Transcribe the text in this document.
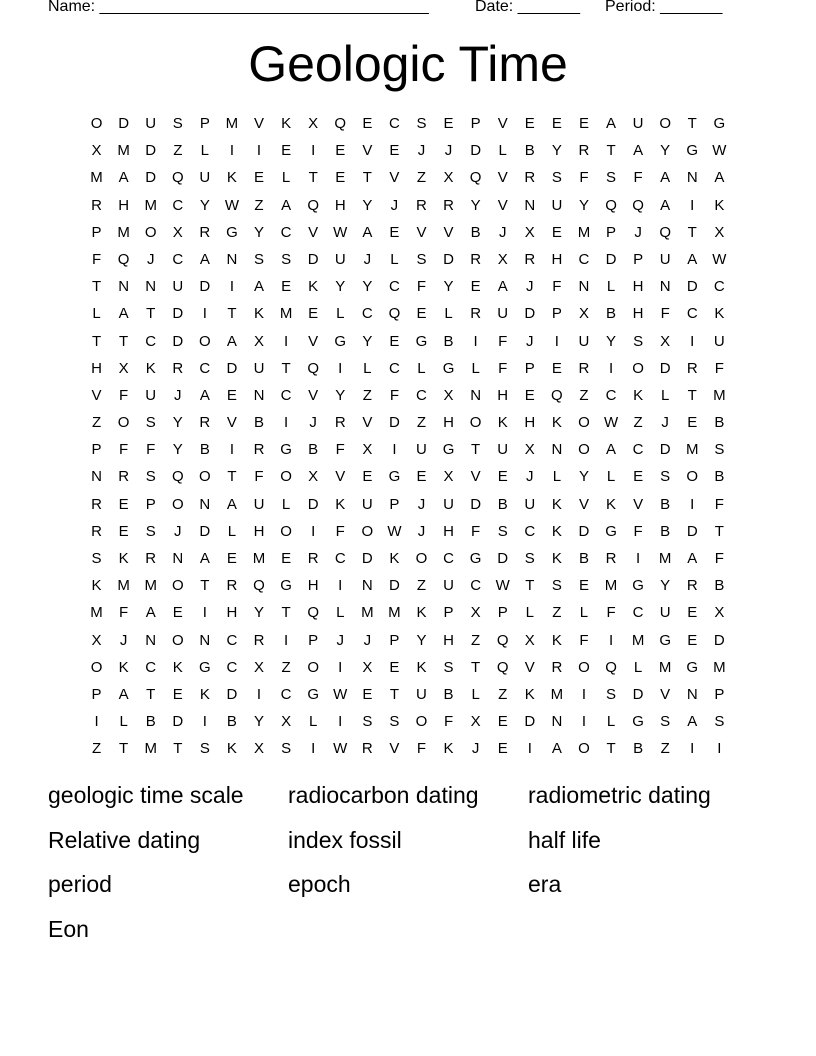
Name: _____________________________________

	Date: _______

Period: _______

Geologic Time
O	D	U	S	P	M	V	K	X	Q	E	C	S	E	P	V	E	E	E	A	U	O	T	G
X	M	D	Z	L	I	I	E	I	E	V	E	J	J	D	L	B	Y	R	T	A	Y	G W
M	A	D	Q	U	K	E	L	T	E	T	V	Z	X	Q	V	R	S	F	S	F	A	N	A
R	H	M	C	Y W	Z	A	Q	H	Y	J	R	R	Y	V	N	U	Y	Q	Q	A	I	K
P	M	O	X	R	G	Y	C	V W A	E	V	V	B	J	X	E	M	P	J	Q	T	X
F	Q	J	C	A	N	S	S	D	U	J	L	S	D	R	X	R	H	C	D	P	U	A W
T	N	N	U	D	I	A	E	K	Y	Y	C	F	Y	E	A	J	F	N	L	H	N	D	C
L	A	T	D	I	T	K	M	E	L	C	Q	E	L	R	U	D	P	X	B	H	F	C	K
T	T	C	D	O	A	X	I	V	G	Y	E	G	B	I	F	J	I	U	Y	S	X	I	U
H	X	K	R	C	D	U	T	Q	I	L	C	L	G	L	F	P	E	R	I	O	D	R	F
V	F	U	J	A	E	N	C	V	Y	Z	F	C	X	N	H	E	Q	Z	C	K	L	T	M
Z	O	S	Y	R	V	B	I	J	R	V	D	Z	H	O	K	H	K	O W	Z	J	E	B
P	F	F	Y	B	I	R	G	B	F	X	I	U	G	T	U	X	N	O	A	C	D	M	S
N	R	S	Q	O	T	F	O	X	V	E	G	E	X	V	E	J	L	Y	L	E	S	O	B
R	E	P	O	N	A	U	L	D	K	U	P	J	U	D	B	U	K	V	K	V	B	I	F
R	E	S	J	D	L	H	O	I	F	O W	J	H	F	S	C	K	D	G	F	B	D	T
S	K	R	N	A	E	M	E	R	C	D	K	O	C	G	D	S	K	B	R	I	M	A	F
K	M M	O	T	R	Q	G	H	I	N	D	Z	U	C W	T	S	E	M	G	Y	R	B
M	F	A	E	I	H	Y	T	Q	L	M M	K	P	X	P	L	Z	L	F	C	U	E	X
X	J	N	O	N	C	R	I	P	J	J	P	Y	H	Z	Q	X	K	F	I	M	G	E	D
O	K	C	K	G	C	X	Z	O	I	X	E	K	S	T	Q	V	R	O	Q	L	M	G M
P	A	T	E	K	D	I	C	G W E	T	U	B	L	Z	K	M	I	S	D	V	N	P
I	L	B	D	I	B	Y	X	L	I	S	S	O	F	X	E	D	N	I	L	G	S	A	S
Z	T	M	T	S	K	X	S	I	W R	V	F	K	J	E	I	A	O	T	B	Z	I	I
geologic time scale radiocarbon dating radiometric dating
Relative dating	index fossil	half life
period	epoch	era
Eon
